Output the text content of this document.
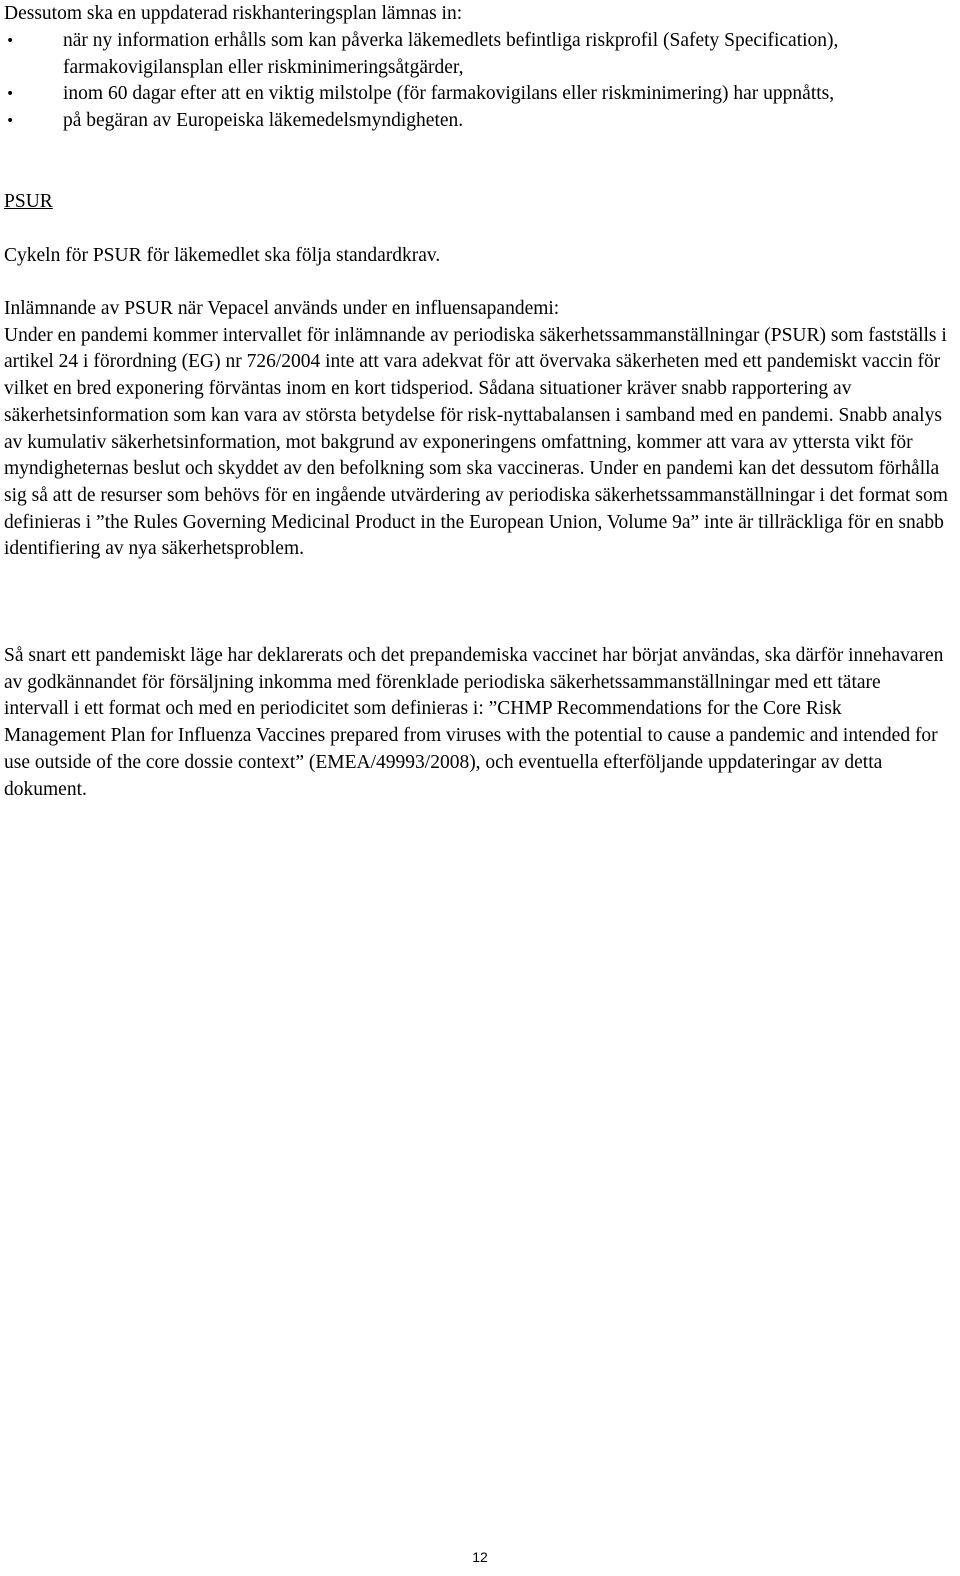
Dessutom ska en uppdaterad riskhanteringsplan lämnas in:

• när ny information erhålls som kan påverka läkemedlets befintliga riskprofil (Safety Specification), farmakovigilansplan eller riskminimeringsåtgärder,
• inom 60 dagar efter att en viktig milstolpe (för farmakovigilans eller riskminimering) har uppnåtts,
• på begäran av Europeiska läkemedelsmyndigheten.

PSUR

Cykeln för PSUR för läkemedlet ska följa standardkrav.

Inlämnande av PSUR när Vepacel används under en influensapandemi:

Under en pandemi kommer intervallet för inlämnande av periodiska säkerhetssammanställningar (PSUR) som fastställs i artikel 24 i förordning (EG) nr 726/2004 inte att vara adekvat för att övervaka säkerheten med ett pandemiskt vaccin för vilket en bred exponering förväntas inom en kort tidsperiod. Sådana situationer kräver snabb rapportering av säkerhetsinformation som kan vara av största betydelse för risk-nyttabalansen i samband med en pandemi. Snabb analys av kumulativ säkerhetsinformation, mot bakgrund av exponeringens omfattning, kommer att vara av yttersta vikt för myndigheternas beslut och skyddet av den befolkning som ska vaccineras. Under en pandemi kan det dessutom förhålla sig så att de resurser som behövs för en ingående utvärdering av periodiska säkerhetssammanställningar i det format som definieras i ”the Rules Governing Medicinal Product in the European Union, Volume 9a” inte är tillräckliga för en snabb identifiering av nya säkerhetsproblem.

Så snart ett pandemiskt läge har deklarerats och det prepandemiska vaccinet har börjat användas, ska därför innehavaren av godkännandet för försäljning inkomma med förenklade periodiska säkerhetssammanställningar med ett tätare intervall i ett format och med en periodicitet som definieras i: ”CHMP Recommendations for the Core Risk Management Plan for Influenza Vaccines prepared from viruses with the potential to cause a pandemic and intended for use outside of the core dossie context” (EMEA/49993/2008), och eventuella efterföljande uppdateringar av detta dokument.

12
